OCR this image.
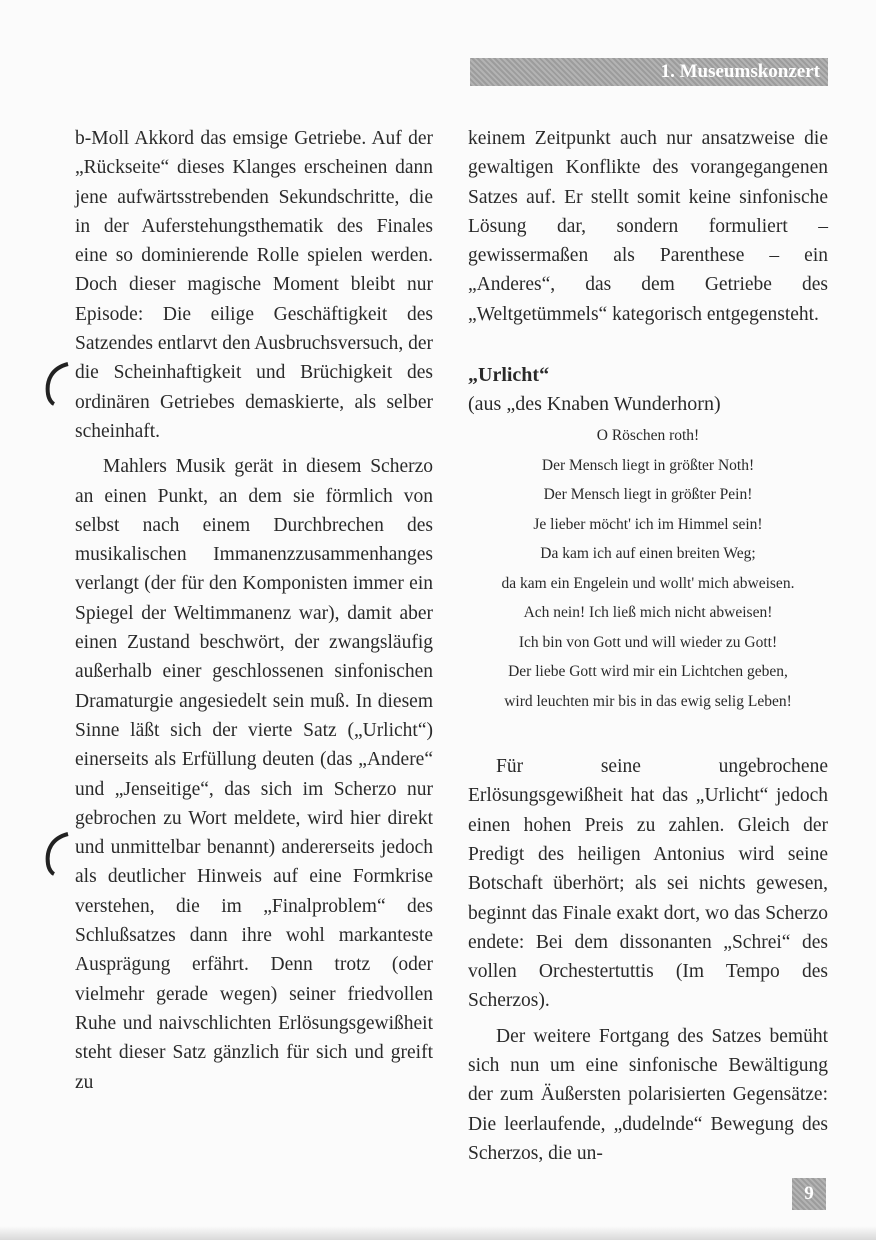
1. Museumskonzert

b-Moll Akkord das emsige Getriebe. Auf der „Rückseite“ dieses Klanges erscheinen dann jene aufwärtsstrebenden Sekundschritte, die in der Auferstehungsthematik des Finales eine so dominierende Rolle spielen werden. Doch dieser magische Moment bleibt nur Episode: Die eilige Geschäftigkeit des Satzendes entlarvt den Ausbruchsversuch, der die Scheinhaftigkeit und Brüchigkeit des ordinären Getriebes demaskierte, als selber scheinhaft.

Mahlers Musik gerät in diesem Scherzo an einen Punkt, an dem sie förmlich von selbst nach einem Durchbrechen des musikalischen Immanenzzusammenhanges verlangt (der für den Komponisten immer ein Spiegel der Weltimmanenz war), damit aber einen Zustand beschwört, der zwangsläufig außerhalb einer geschlossenen sinfonischen Dramaturgie angesiedelt sein muß. In diesem Sinne läßt sich der vierte Satz („Urlicht“) einerseits als Erfüllung deuten (das „Andere“ und „Jenseitige“, das sich im Scherzo nur gebrochen zu Wort meldete, wird hier direkt und unmittelbar benannt) andererseits jedoch als deutlicher Hinweis auf eine Formkrise verstehen, die im „Finalproblem“ des Schlußsatzes dann ihre wohl markanteste Ausprägung erfährt. Denn trotz (oder vielmehr gerade wegen) seiner friedvollen Ruhe und naivschlichten Erlösungsgewißheit steht dieser Satz gänzlich für sich und greift zu

keinem Zeitpunkt auch nur ansatzweise die gewaltigen Konflikte des vorangegangenen Satzes auf. Er stellt somit keine sinfonische Lösung dar, sondern formuliert – gewissermaßen als Parenthese – ein „Anderes“, das dem Getriebe des „Weltgetümmels“ kategorisch entgegensteht.

„Urlicht“
(aus „des Knaben Wunderhorn)
O Röschen roth!
Der Mensch liegt in größter Noth!
Der Mensch liegt in größter Pein!
Je lieber möcht' ich im Himmel sein!
Da kam ich auf einen breiten Weg;
da kam ein Engelein und wollt' mich abweisen.
Ach nein! Ich ließ mich nicht abweisen!
Ich bin von Gott und will wieder zu Gott!
Der liebe Gott wird mir ein Lichtchen geben,
wird leuchten mir bis in das ewig selig Leben!

Für seine ungebrochene Erlösungsgewißheit hat das „Urlicht“ jedoch einen hohen Preis zu zahlen. Gleich der Predigt des heiligen Antonius wird seine Botschaft überhört; als sei nichts gewesen, beginnt das Finale exakt dort, wo das Scherzo endete: Bei dem dissonanten „Schrei“ des vollen Orchestertuttis (Im Tempo des Scherzos).

Der weitere Fortgang des Satzes bemüht sich nun um eine sinfonische Bewältigung der zum Äußersten polarisierten Gegensätze: Die leerlaufende, „dudelnde“ Bewegung des Scherzos, die un-

9
